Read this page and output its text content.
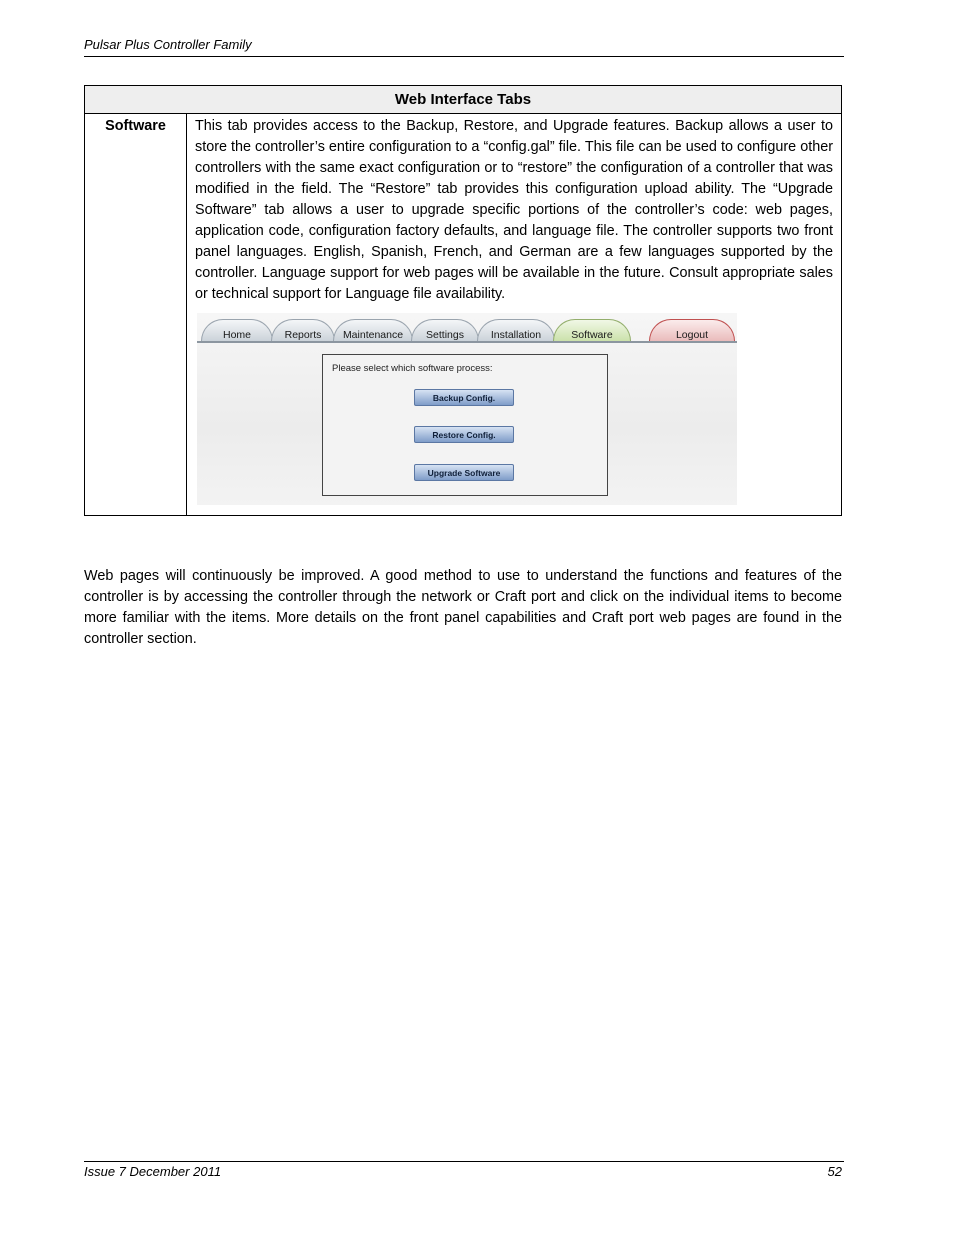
Pulsar Plus Controller Family
Web Interface Tabs
Software	This tab provides access to the Backup, Restore, and Upgrade features. Backup allows a user to store the controller’s entire configuration to a “config.gal” file. This file can be used to configure other controllers with the same exact configuration or to “restore” the configuration of a controller that was modified in the field. The “Restore” tab provides this configuration upload ability. The “Upgrade Software” tab allows a user to upgrade specific portions of the controller’s code: web pages, application code, configuration factory defaults, and language file. The controller supports two front panel languages. English, Spanish, French, and German are a few languages supported by the controller. Language support for web pages will be available in the future. Consult appropriate sales or technical support for Language file availability.

Home	Reports	Maintenance	Settings	Installation	Software	Logout
Please select which software process:
Backup Config.
Restore Config.
Upgrade Software

Web pages will continuously be improved. A good method to use to understand the functions and features of the controller is by accessing the controller through the network or Craft port and click on the individual items to become more familiar with the items. More details on the front panel capabilities and Craft port web pages are found in the controller section.

Issue 7 December 2011	52
